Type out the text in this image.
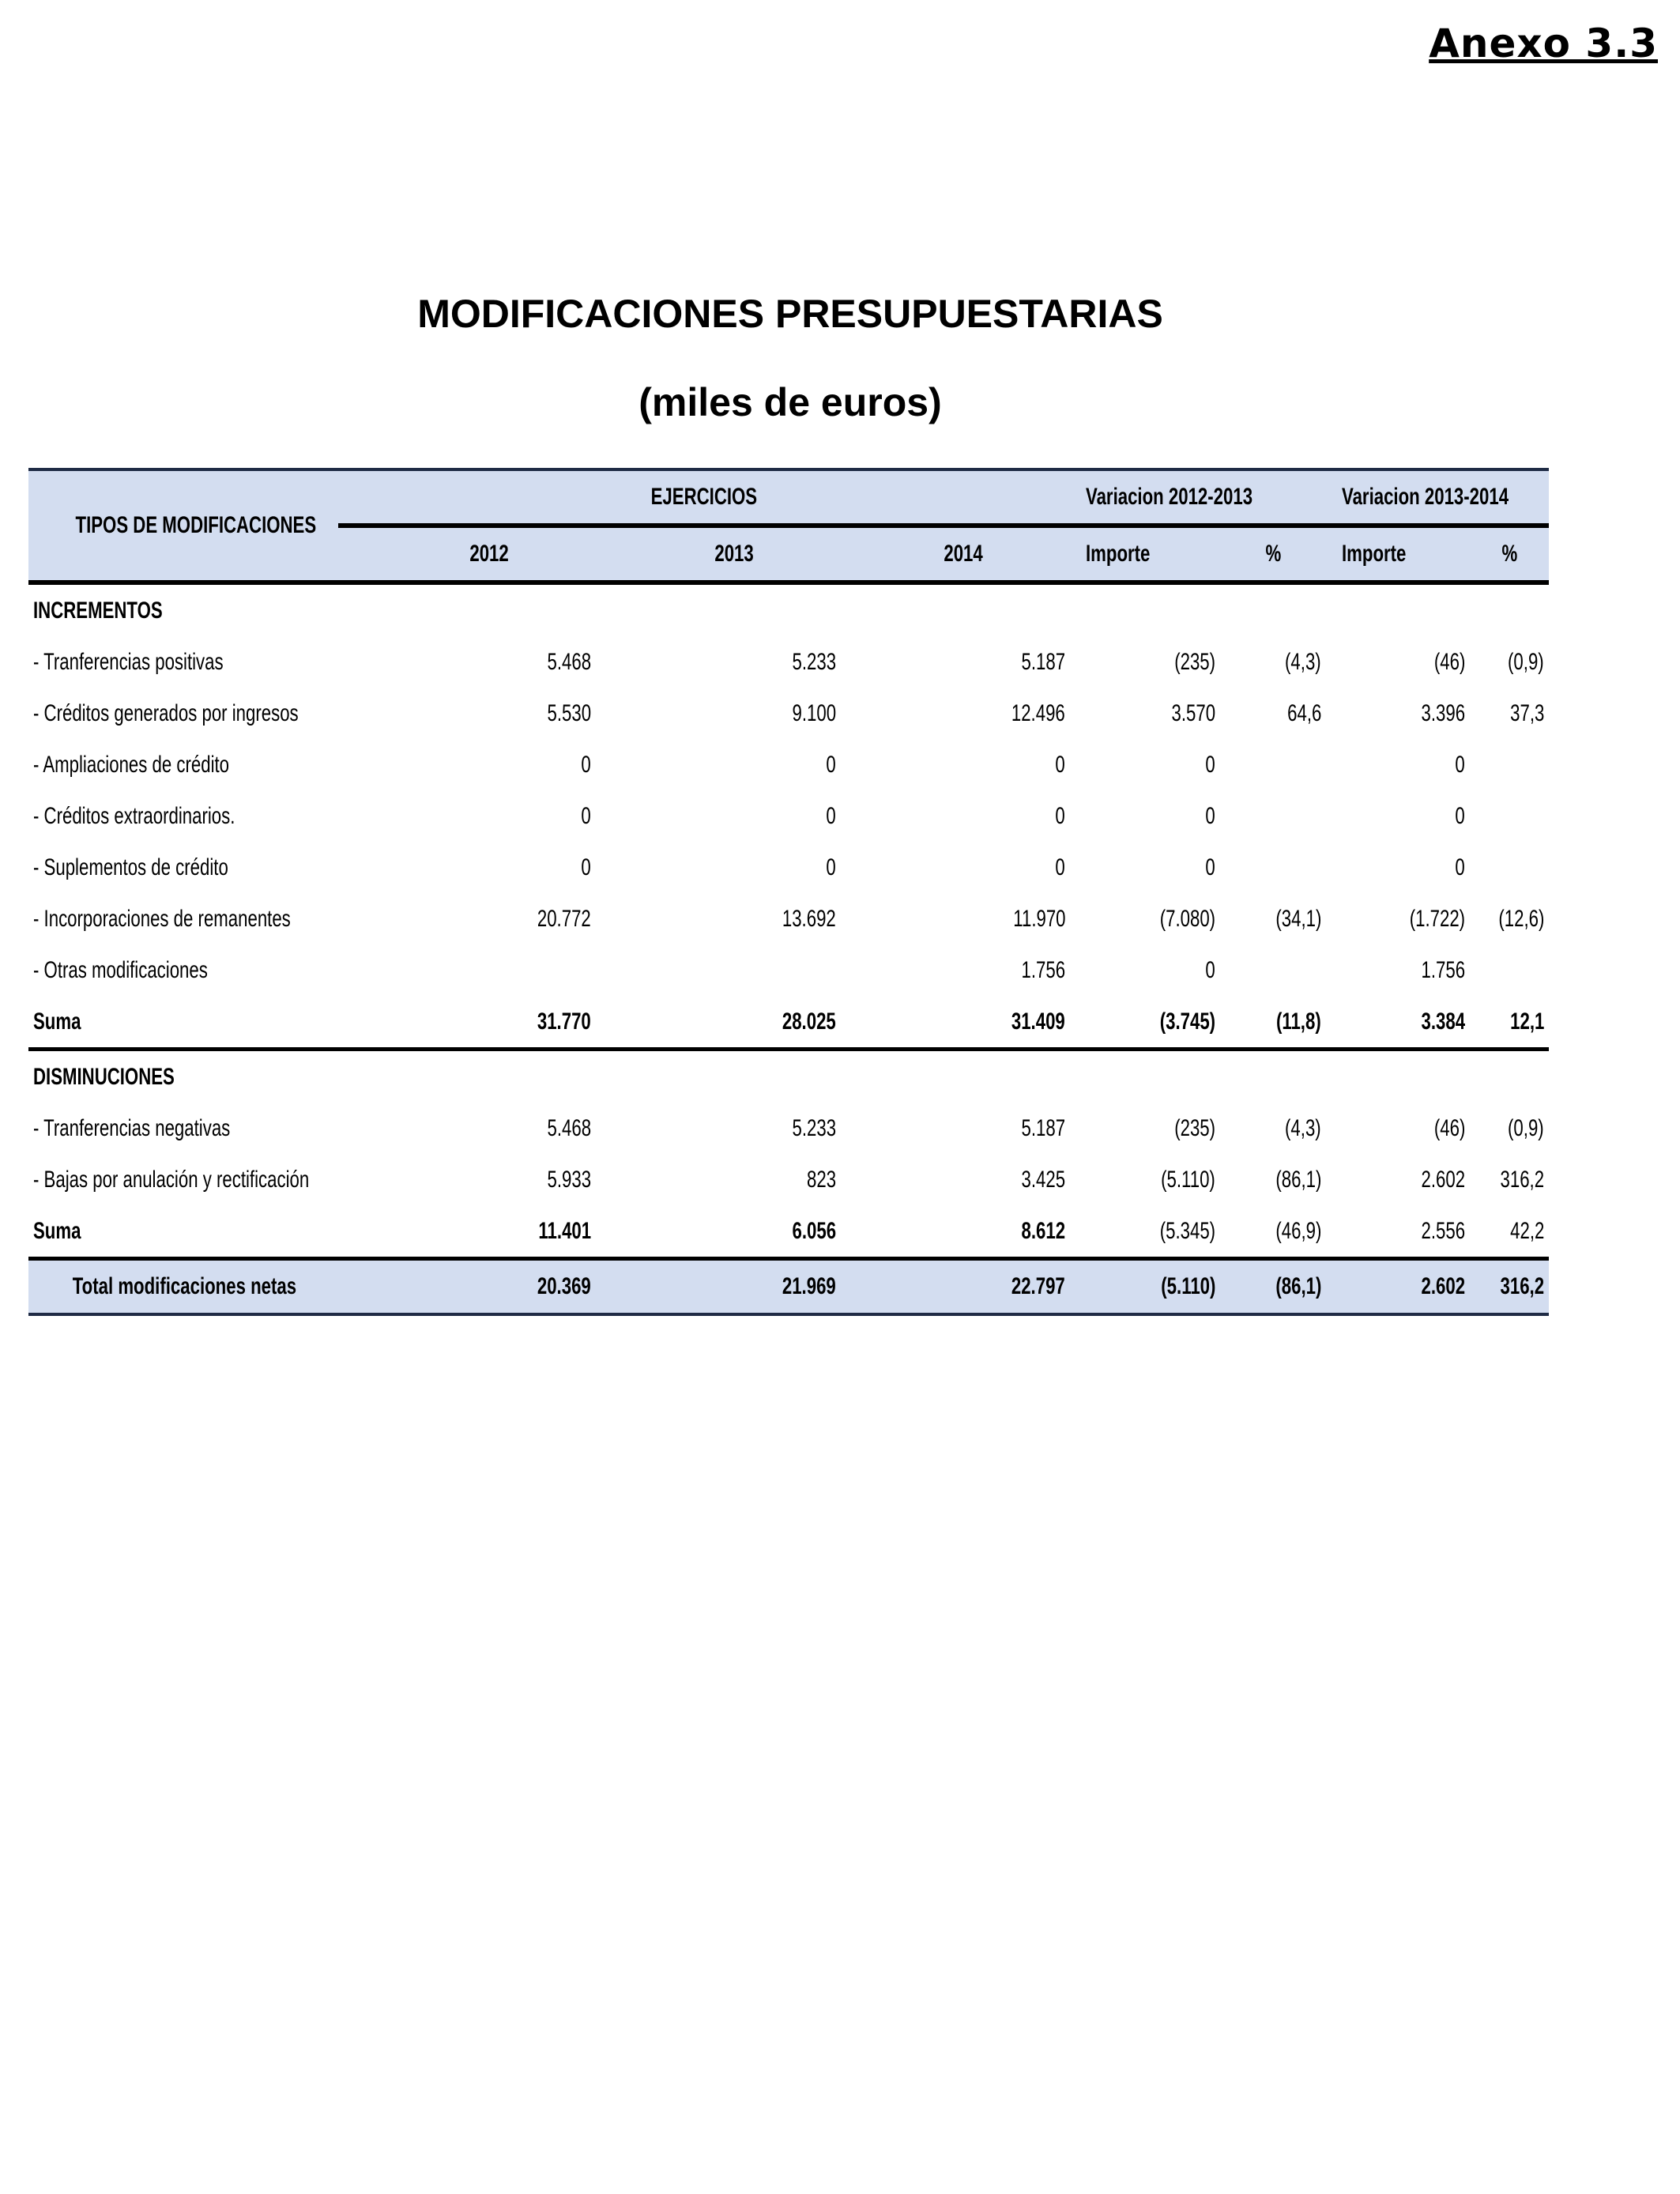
Anexo 3.3
MODIFICACIONES PRESUPUESTARIAS
(miles de euros)
TIPOS DE MODIFICACIONES	EJERCICIOS			Variacion 2012-2013		Variacion 2013-2014	
	2012	2013	2014	Importe	%	Importe	%
INCREMENTOS							
- Tranferencias positivas	5.468	5.233	5.187	(235)	(4,3)	(46)	(0,9)
- Créditos generados por ingresos	5.530	9.100	12.496	3.570	64,6	3.396	37,3
- Ampliaciones de crédito	0	0	0	0		0	
- Créditos extraordinarios.	0	0	0	0		0	
- Suplementos de crédito	0	0	0	0		0	
- Incorporaciones de remanentes	20.772	13.692	11.970	(7.080)	(34,1)	(1.722)	(12,6)
- Otras modificaciones			1.756	0		1.756	
Suma	31.770	28.025	31.409	(3.745)	(11,8)	3.384	12,1
DISMINUCIONES							
- Tranferencias negativas	5.468	5.233	5.187	(235)	(4,3)	(46)	(0,9)
- Bajas por anulación y rectificación	5.933	823	3.425	(5.110)	(86,1)	2.602	316,2
Suma	11.401	6.056	8.612	(5.345)	(46,9)	2.556	42,2
Total modificaciones netas	20.369	21.969	22.797	(5.110)	(86,1)	2.602	316,2
